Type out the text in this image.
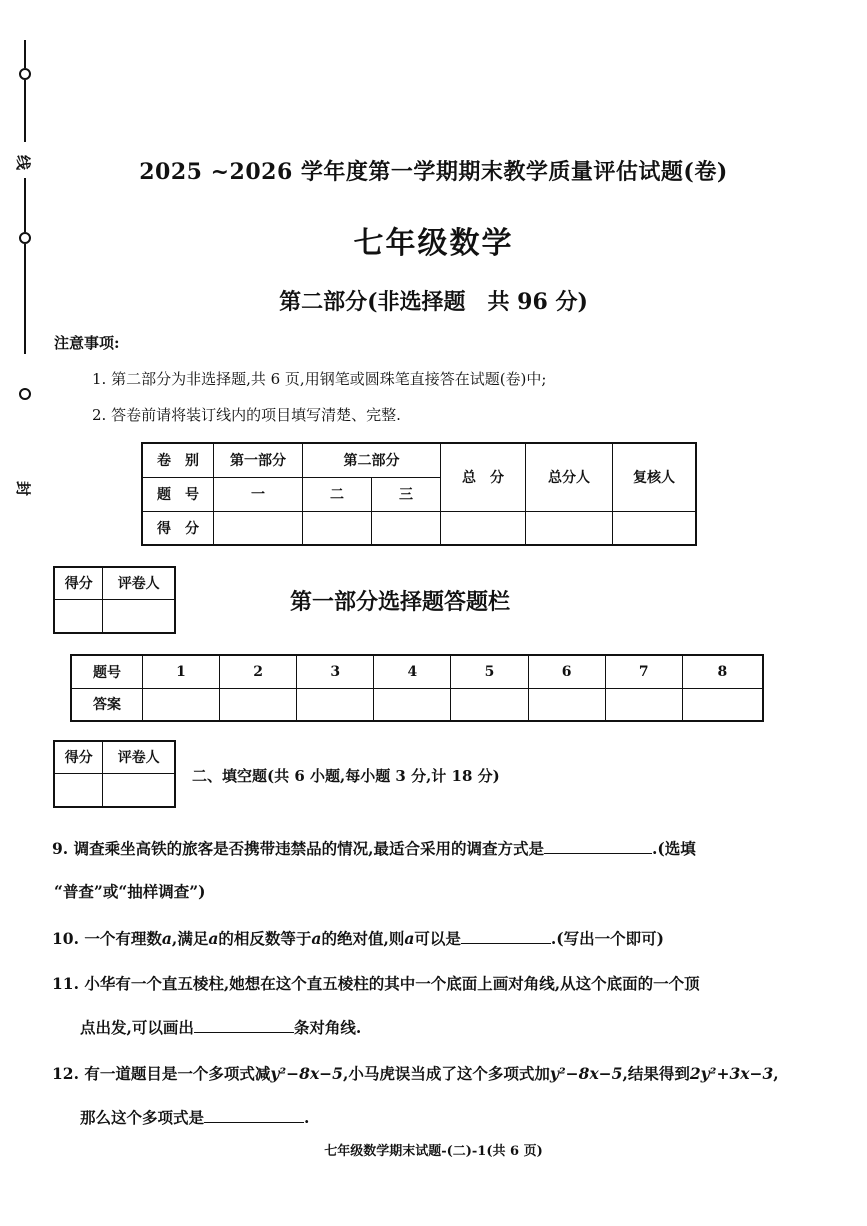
线
封
2025 ~2026 学年度第一学期期末教学质量评估试题(卷)
七年级数学
第二部分(非选择题　共 96 分)
注意事项:
1. 第二部分为非选择题,共 6 页,用钢笔或圆珠笔直接答在试题(卷)中;
2. 答卷前请将装订线内的项目填写清楚、完整.
卷　别	第一部分	第二部分		总　分	总分人	复核人
题　号	一	二	三			
得　分						
得分	评卷人

第一部分选择题答题栏
题号	1	2	3	4	5	6	7	8
答案								
得分	评卷人

二、填空题(共 6 小题,每小题 3 分,计 18 分)
9. 调查乘坐高铁的旅客是否携带违禁品的情况,最适合采用的调查方式是	.(选填
“普查”或“抽样调查”)
10. 一个有理数a,满足a的相反数等于a的绝对值,则a可以是	.(写出一个即可)
11. 小华有一个直五棱柱,她想在这个直五棱柱的其中一个底面上画对角线,从这个底面的一个顶
点出发,可以画出	条对角线.
12. 有一道题目是一个多项式减y²−8x−5,小马虎误当成了这个多项式加y²−8x−5,结果得到2y²+3x−3,
那么这个多项式是	.
七年级数学期末试题-(二)-1(共 6 页)
